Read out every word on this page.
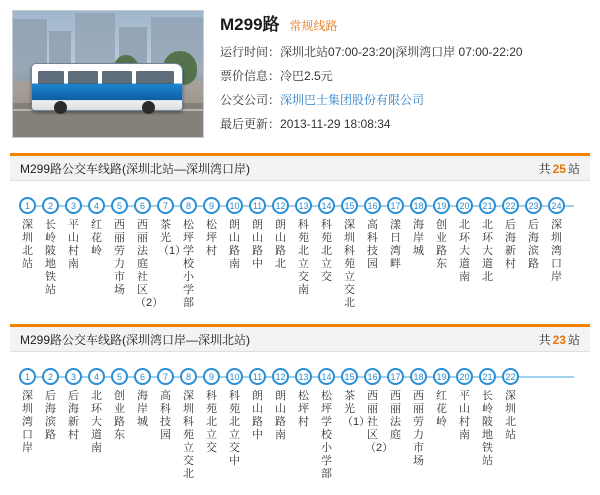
M299路 常规线路
运行时间： 深圳北站07:00-23:20|深圳湾口岸 07:00-22:20
票价信息： 冷巴2.5元
公交公司： 深圳巴士集团股份有限公司
最后更新： 2013-11-29 18:08:34
M299路公交车线路(深圳北站—深圳湾口岸)	共 25 站
1
深圳北站
2
长岭陂地铁站
3
平山村南
4
红花岭
5
西丽劳力市场
6
西丽法庭社区（2）
7
茶光（1）
8
松坪学校小学部
9
松坪村
10
朗山路南
11
朗山路中
12
朗山路北
13
科苑北立交南
14
科苑北立交
15
深圳科苑立交北
16
高科技园
17
漾日湾畔
18
海岸城
19
创业路东
20
北环大道南
21
北环大道北
22
后海新村
23
后海滨路
24
深圳湾口岸
M299路公交车线路(深圳湾口岸—深圳北站)	共 23 站
1
深圳湾口岸
2
后海滨路
3
后海新村
4
北环大道南
5
创业路东
6
海岸城
7
高科技园
8
深圳科苑立交北
9
科苑北立交
10
科苑北立交中
11
朗山路中
12
朗山路南
13
松坪村
14
松坪学校小学部
15
茶光（1）
16
西丽社区（2）
17
西丽法庭
18
西丽劳力市场
19
红花岭
20
平山村南
21
长岭陂地铁站
22
深圳北站
